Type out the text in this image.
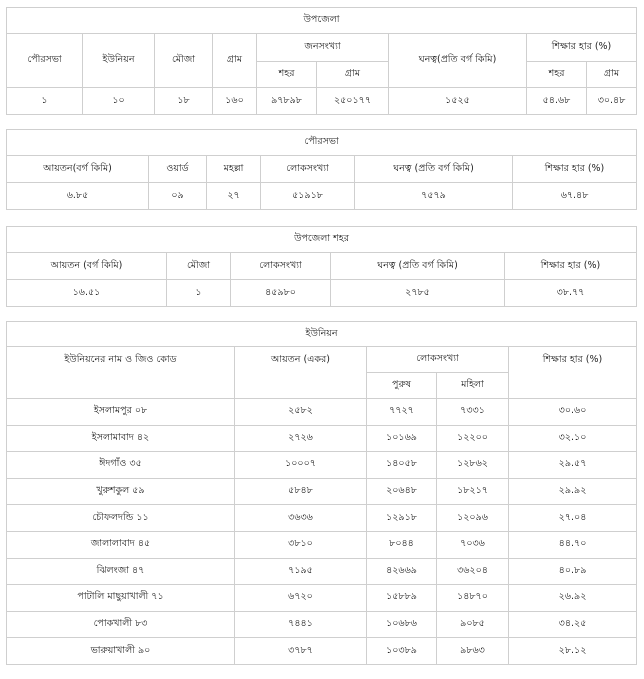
উপজেলা								
পৌরসভা	ইউনিয়ন	মৌজা	গ্রাম	জনসংখ্যা		ঘনত্ব(প্রতি বর্গ কিমি)	শিক্ষার হার (%)	
				শহর	গ্রাম		শহর	গ্রাম
১	১০	১৮	১৬০	৯৭৮৯৮	২৫০১৭৭	১৫২৫	৫৪.৬৮	৩০.৪৮
পৌরসভা					
আয়তন(বর্গ কিমি)	ওয়ার্ড	মহল্লা	লোকসংখ্যা	ঘনত্ব (প্রতি বর্গ কিমি)	শিক্ষার হার (%)
৬.৮৫	০৯	২৭	৫১৯১৮	৭৫৭৯	৬৭.৪৮
উপজেলা শহর				
আয়তন (বর্গ কিমি)	মৌজা	লোকসংখ্যা	ঘনত্ব (প্রতি বর্গ কিমি)	শিক্ষার হার (%)
১৬.৫১	১	৪৫৯৮০	২৭৮৫	৩৮.৭৭
ইউনিয়ন				
ইউনিয়নের নাম ও জিও কোড	আয়তন (একর)	লোকসংখ্যা		শিক্ষার হার (%)
		পুরুষ	মহিলা	
ইসলামপুর ০৮	২৫৮২	৭৭২৭	৭৩৩১	৩০.৬০
ইসলামাবাদ ৪২	২৭২৬	১০১৬৯	১২২০০	৩২.১০
ঈদগাঁও ৩৫	১০০০৭	১৪০৫৮	১২৮৬২	২৯.৫৭
খুরুশকুল ৫৯	৫৮৪৮	২০৬৪৮	১৮২১৭	২৯.৯২
চৌফলদন্ডি ১১	৩৬৩৬	১২৯১৮	১২০৯৬	২৭.০৪
জালালাবাদ ৪৫	৩৮১০	৮০৪৪	৭০৩৬	৪৪.৭০
ঝিলংজা ৪৭	৭১৯৫	৪২৬৬৯	৩৬২০৪	৪০.৮৯
পাটালি মাছুয়াখালী ৭১	৬৭২০	১৫৮৮৯	১৪৮৭০	২৬.৯২
পোকখালী ৮৩	৭৪৪১	১০৬৮৬	৯০৮৫	৩৪.২৫
ভারুয়াখালী ৯০	৩৭৮৭	১০৩৮৯	৯৮৬৩	২৮.১২
